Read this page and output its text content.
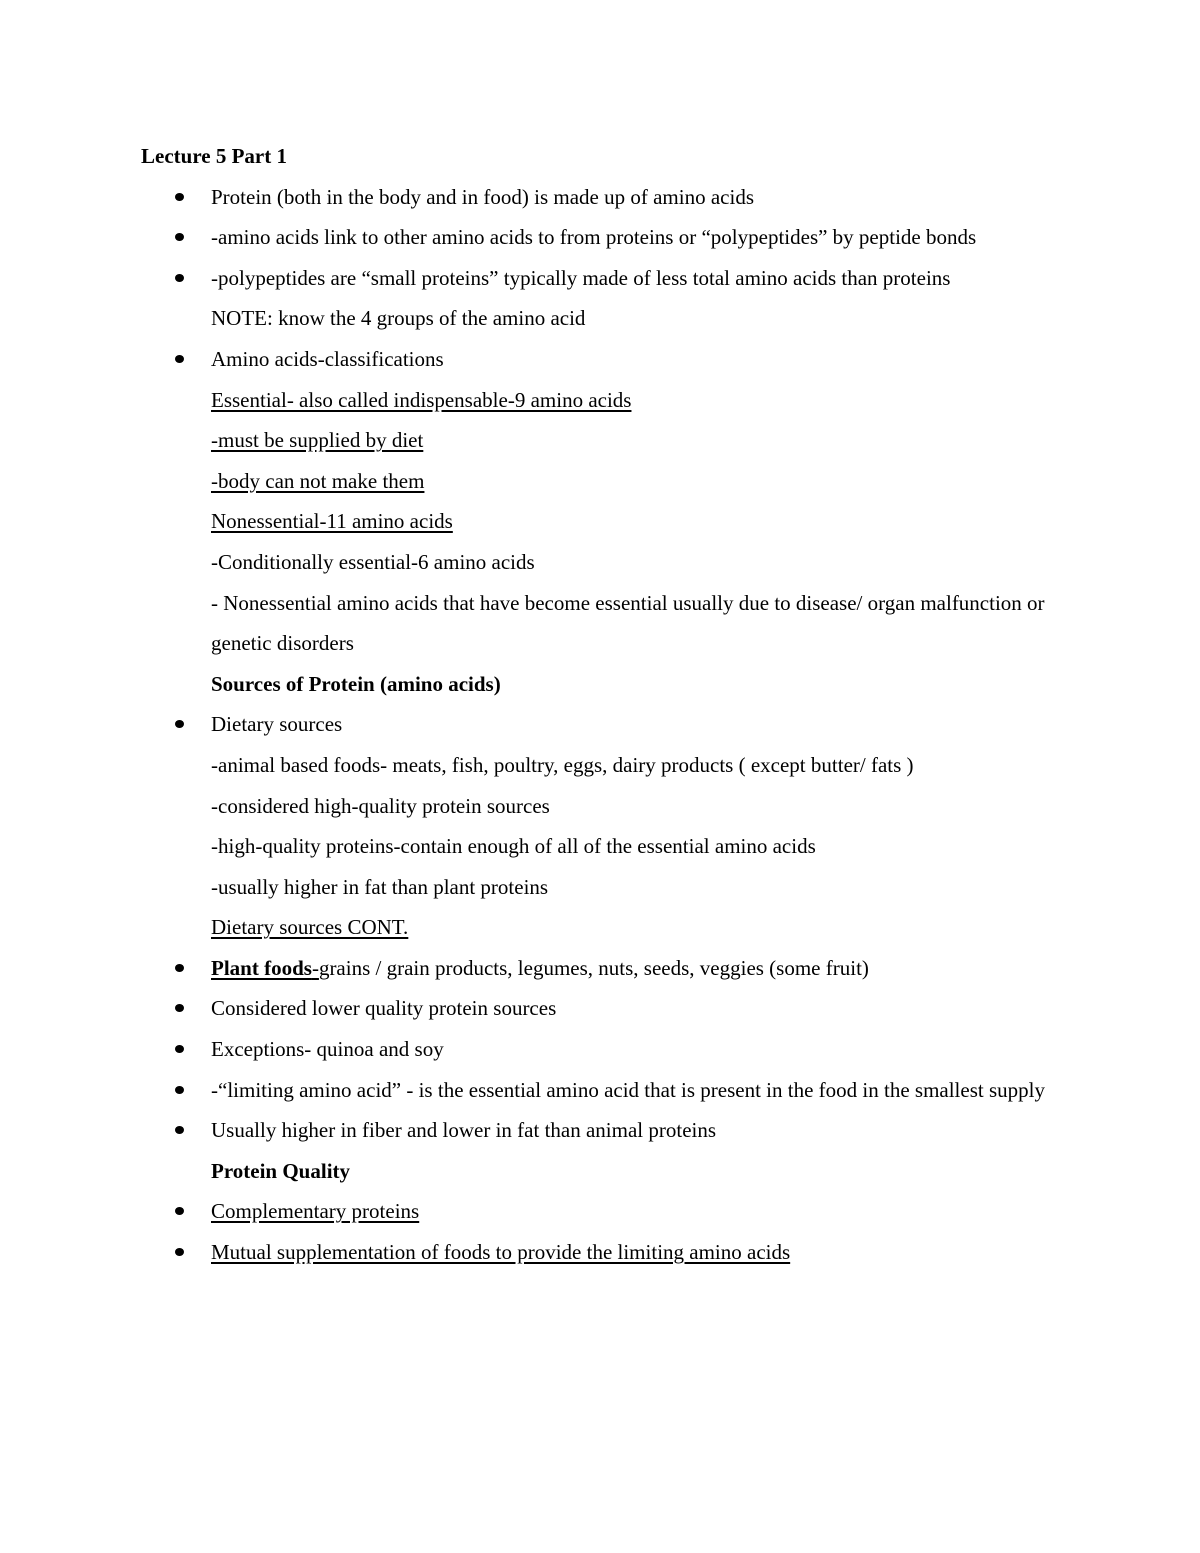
Lecture 5 Part 1
Protein (both in the body and in food) is made up of amino acids
-amino acids link to other amino acids to from proteins or “polypeptides” by peptide bonds
-polypeptides are “small proteins” typically made of less total amino acids than proteins
NOTE: know the 4 groups of the amino acid
Amino acids-classifications
Essential- also called indispensable-9 amino acids
-must be supplied by diet
-body can not make them
Nonessential-11 amino acids
-Conditionally essential-6 amino acids
- Nonessential amino acids that have become essential usually due to disease/ organ malfunction or genetic disorders
Sources of Protein (amino acids)
Dietary sources
-animal based foods- meats, fish, poultry, eggs, dairy products ( except butter/ fats )
-considered high-quality protein sources
-high-quality proteins-contain enough of all of the essential amino acids
-usually higher in fat than plant proteins
Dietary sources CONT.
Plant foods-grains / grain products, legumes, nuts, seeds, veggies (some fruit)
Considered lower quality protein sources
Exceptions- quinoa and soy
-“limiting amino acid” - is the essential amino acid that is present in the food in the smallest supply
Usually higher in fiber and lower in fat than animal proteins
Protein Quality
Complementary proteins
Mutual supplementation of foods to provide the limiting amino acids
